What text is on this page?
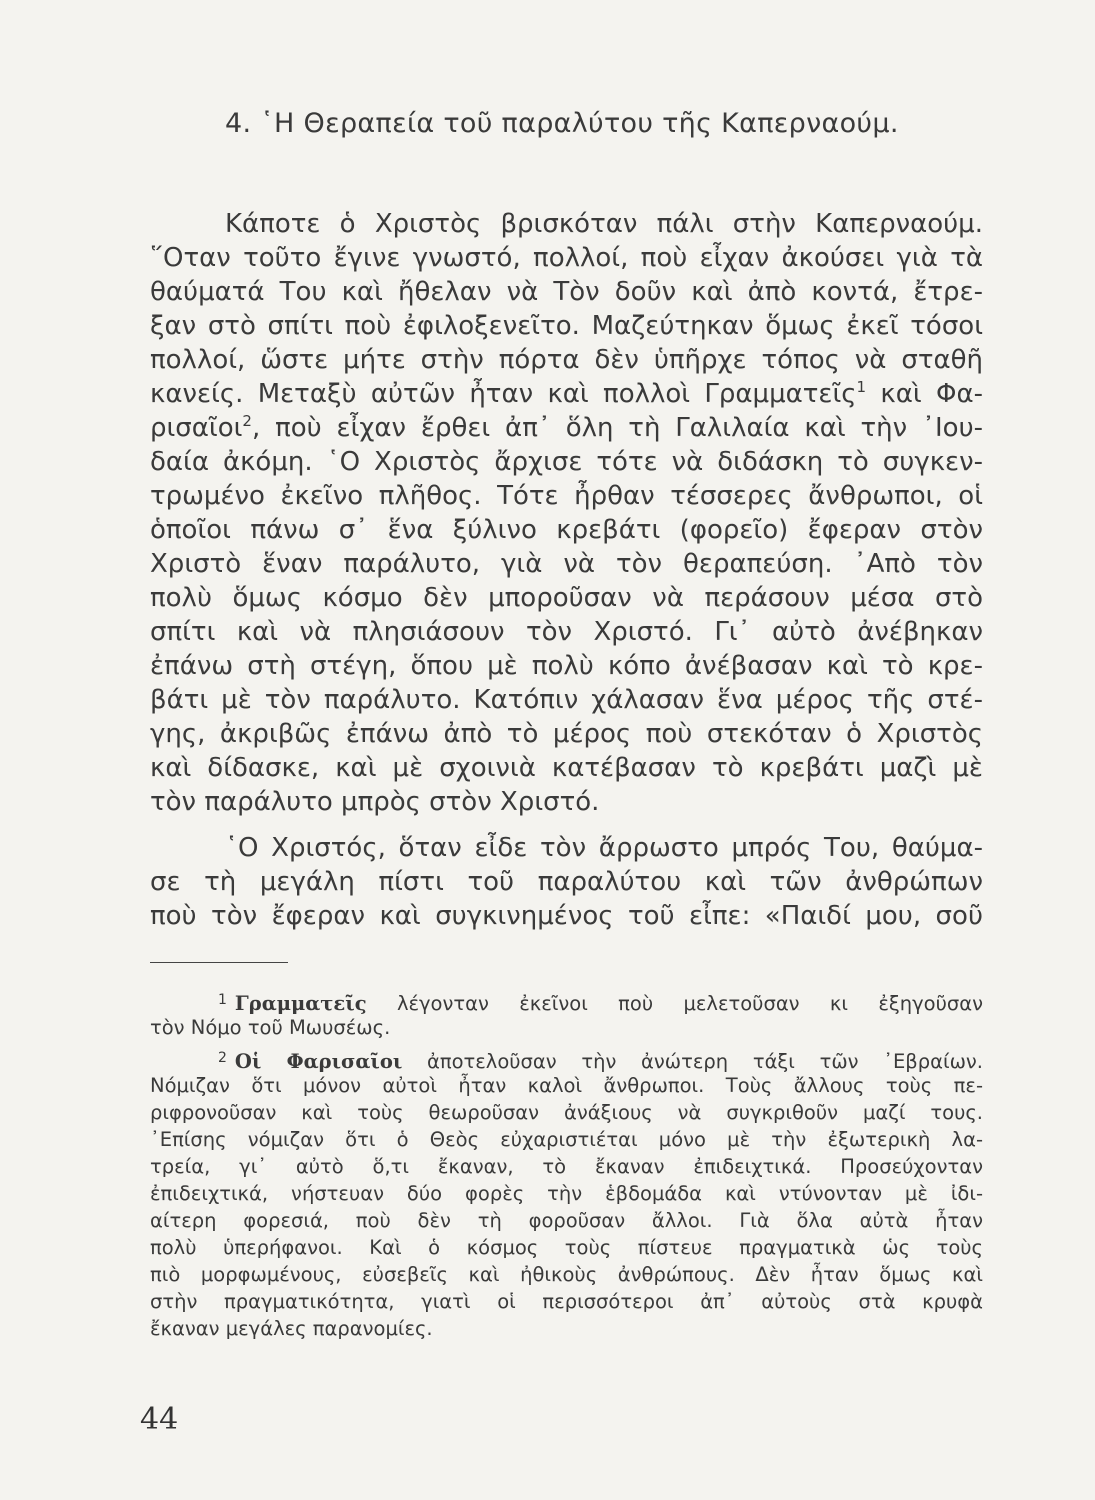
4. ῾Η Θεραπεία τοῦ παραλύτου τῆς Καπερναούμ.
Κάποτε ὁ Χριστὸς βρισκόταν πάλι στὴν Καπερναούμ.
῞Οταν τοῦτο ἔγινε γνωστό, πολλοί, ποὺ εἶχαν ἀκούσει γιὰ τὰ
θαύματά Του καὶ ἤθελαν νὰ Τὸν δοῦν καὶ ἀπὸ κοντά, ἔτρε-
ξαν στὸ σπίτι ποὺ ἐφιλοξενεῖτο. Μαζεύτηκαν ὅμως ἐκεῖ τόσοι
πολλοί, ὥστε μήτε στὴν πόρτα δὲν ὑπῆρχε τόπος νὰ σταθῆ
κανείς. Μεταξὺ αὐτῶν ἦταν καὶ πολλοὶ Γραμματεῖς$^1$ καὶ Φα-
ρισαῖοι$^2$, ποὺ εἶχαν ἔρθει ἀπ᾿ ὅλη τὴ Γαλιλαία καὶ τὴν ᾿Ιου-
δαία ἀκόμη. ῾Ο Χριστὸς ἄρχισε τότε νὰ διδάσκη τὸ συγκεν-
τρωμένο ἐκεῖνο πλῆθος. Τότε ἦρθαν τέσσερες ἄνθρωποι, οἱ
ὁποῖοι πάνω σ᾿ ἕνα ξύλινο κρεβάτι (φορεῖο) ἔφεραν στὸν
Χριστὸ ἕναν παράλυτο, γιὰ νὰ τὸν θεραπεύση. ᾿Απὸ τὸν
πολὺ ὅμως κόσμο δὲν μποροῦσαν νὰ περάσουν μέσα στὸ
σπίτι καὶ νὰ πλησιάσουν τὸν Χριστό. Γι᾿ αὐτὸ ἀνέβηκαν
ἐπάνω στὴ στέγη, ὅπου μὲ πολὺ κόπο ἀνέβασαν καὶ τὸ κρε-
βάτι μὲ τὸν παράλυτο. Κατόπιν χάλασαν ἕνα μέρος τῆς στέ-
γης, ἀκριβῶς ἐπάνω ἀπὸ τὸ μέρος ποὺ στεκόταν ὁ Χριστὸς
καὶ δίδασκε, καὶ μὲ σχοινιὰ κατέβασαν τὸ κρεβάτι μαζὶ μὲ
τὸν παράλυτο μπρὸς στὸν Χριστό.
῾Ο Χριστός, ὅταν εἶδε τὸν ἄρρωστο μπρός Του, θαύμα-
σε τὴ μεγάλη πίστι τοῦ παραλύτου καὶ τῶν ἀνθρώπων
ποὺ τὸν ἔφεραν καὶ συγκινημένος τοῦ εἶπε: «Παιδί μου, σοῦ
$^1$ Γραμματεῖς λέγονταν ἐκεῖνοι ποὺ μελετοῦσαν κι ἐξηγοῦσαν
τὸν Νόμο τοῦ Μωυσέως.
$^2$ Οἱ Φαρισαῖοι ἀποτελοῦσαν τὴν ἀνώτερη τάξι τῶν ᾿Εβραίων.
Νόμιζαν ὅτι μόνον αὐτοὶ ἦταν καλοὶ ἄνθρωποι. Τοὺς ἄλλους τοὺς πε-
ριφρονοῦσαν καὶ τοὺς θεωροῦσαν ἀνάξιους νὰ συγκριθοῦν μαζί τους.
᾿Επίσης νόμιζαν ὅτι ὁ Θεὸς εὐχαριστιέται μόνο μὲ τὴν ἐξωτερικὴ λα-
τρεία, γι᾿ αὐτὸ ὅ,τι ἔκαναν, τὸ ἔκαναν ἐπιδειχτικά. Προσεύχονταν
ἐπιδειχτικά, νήστευαν δύο φορὲς τὴν ἑβδομάδα καὶ ντύνονταν μὲ ἰδι-
αίτερη φορεσιά, ποὺ δὲν τὴ φοροῦσαν ἄλλοι. Γιὰ ὅλα αὐτὰ ἦταν
πολὺ ὑπερήφανοι. Καὶ ὁ κόσμος τοὺς πίστευε πραγματικὰ ὡς τοὺς
πιὸ μορφωμένους, εὐσεβεῖς καὶ ἠθικοὺς ἀνθρώπους. Δὲν ἦταν ὅμως καὶ
στὴν πραγματικότητα, γιατὶ οἱ περισσότεροι ἀπ᾿ αὐτοὺς στὰ κρυφὰ
ἔκαναν μεγάλες παρανομίες.
44
